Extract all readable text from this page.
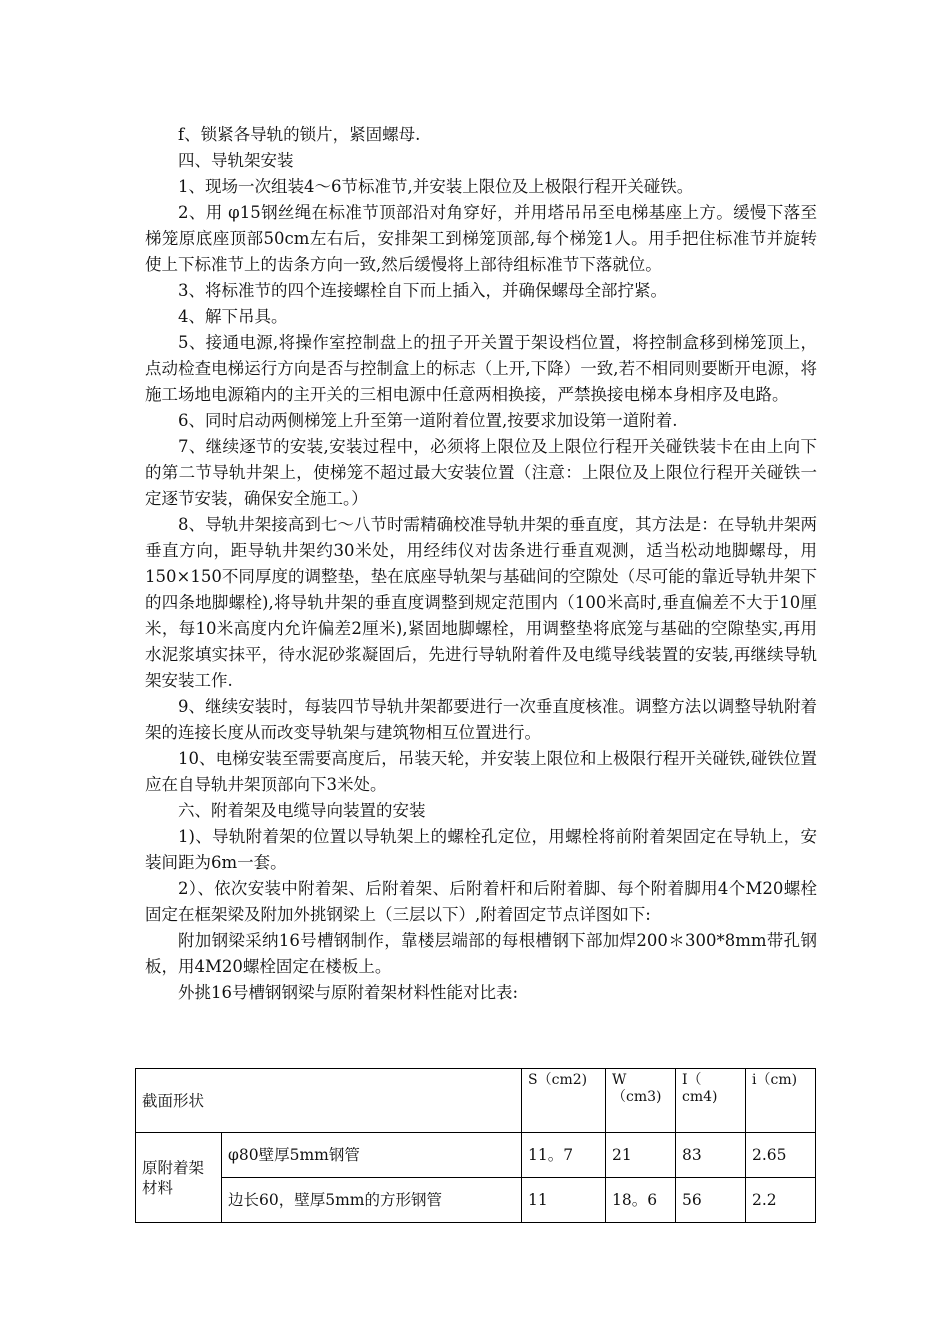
f、锁紧各导轨的锁片，紧固螺母.

四、导轨架安装

1、现场一次组装4～6节标准节,并安装上限位及上极限行程开关碰铁。

2、用 φ15钢丝绳在标准节顶部沿对角穿好，并用塔吊吊至电梯基座上方。缓慢下落至梯笼原底座顶部50cm左右后，安排架工到梯笼顶部,每个梯笼1人。用手把住标准节并旋转使上下标准节上的齿条方向一致,然后缓慢将上部待组标准节下落就位。

3、将标准节的四个连接螺栓自下而上插入，并确保螺母全部拧紧。

4、解下吊具。

5、接通电源,将操作室控制盘上的扭子开关置于架设档位置，将控制盒移到梯笼顶上，点动检查电梯运行方向是否与控制盒上的标志（上开,下降）一致,若不相同则要断开电源，将施工场地电源箱内的主开关的三相电源中任意两相换接，严禁换接电梯本身相序及电路。

6、同时启动两侧梯笼上升至第一道附着位置,按要求加设第一道附着.

7、继续逐节的安装,安装过程中，必须将上限位及上限位行程开关碰铁装卡在由上向下的第二节导轨井架上，使梯笼不超过最大安装位置（注意：上限位及上限位行程开关碰铁一定逐节安装，确保安全施工。）

8、导轨井架接高到七～八节时需精确校准导轨井架的垂直度，其方法是：在导轨井架两垂直方向，距导轨井架约30米处，用经纬仪对齿条进行垂直观测，适当松动地脚螺母，用150×150不同厚度的调整垫，垫在底座导轨架与基础间的空隙处（尽可能的靠近导轨井架下的四条地脚螺栓),将导轨井架的垂直度调整到规定范围内（100米高时,垂直偏差不大于10厘米，每10米高度内允许偏差2厘米),紧固地脚螺栓，用调整垫将底笼与基础的空隙垫实,再用水泥浆填实抹平，待水泥砂浆凝固后，先进行导轨附着件及电缆导线装置的安装,再继续导轨架安装工作.

9、继续安装时，每装四节导轨井架都要进行一次垂直度核准。调整方法以调整导轨附着架的连接长度从而改变导轨架与建筑物相互位置进行。

10、电梯安装至需要高度后，吊装天轮，并安装上限位和上极限行程开关碰铁,碰铁位置应在自导轨井架顶部向下3米处。

六、附着架及电缆导向装置的安装

1)、导轨附着架的位置以导轨架上的螺栓孔定位，用螺栓将前附着架固定在导轨上，安装间距为6m一套。

2）、依次安装中附着架、后附着架、后附着杆和后附着脚、每个附着脚用4个M20螺栓固定在框架梁及附加外挑钢梁上（三层以下）,附着固定节点详图如下:

附加钢梁采纳16号槽钢制作，靠楼层端部的每根槽钢下部加焊200＊300*8mm带孔钢板，用4M20螺栓固定在楼板上。

外挑16号槽钢钢梁与原附着架材料性能对比表:

截面形状		S（cm2)	W（cm3)	I（ cm4)	i（cm)
原附着架材料	φ80壁厚5mm钢管	11。7	21	83	2.65
	边长60，壁厚5mm的方形钢管	11	18。6	56	2.2
